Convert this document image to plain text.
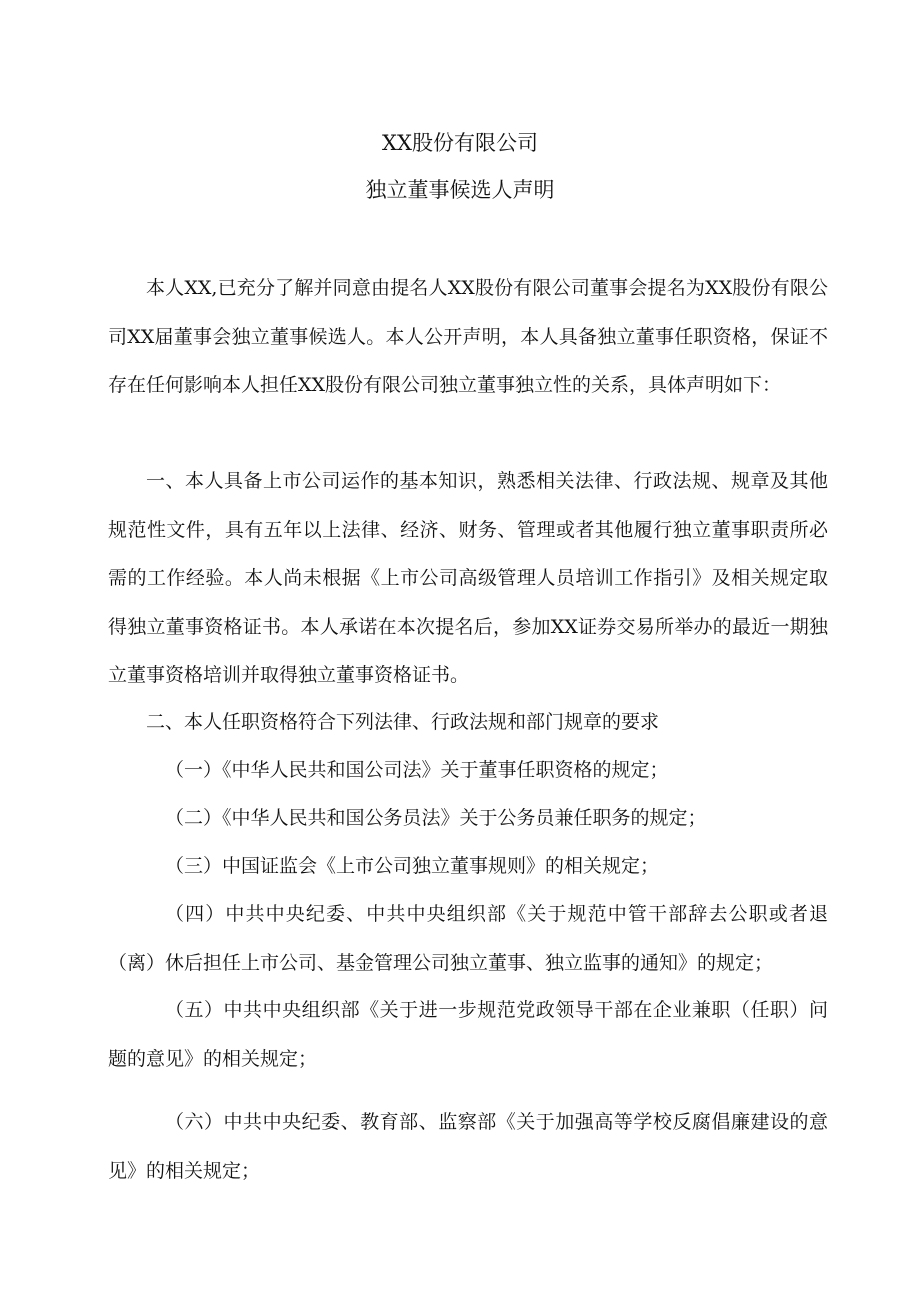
XX股份有限公司
独立董事候选人声明

本人XX,已充分了解并同意由提名人XX股份有限公司董事会提名为XX股份有限公司XX届董事会独立董事候选人。本人公开声明，本人具备独立董事任职资格，保证不存在任何影响本人担任XX股份有限公司独立董事独立性的关系，具体声明如下：

一、本人具备上市公司运作的基本知识，熟悉相关法律、行政法规、规章及其他规范性文件，具有五年以上法律、经济、财务、管理或者其他履行独立董事职责所必需的工作经验。本人尚未根据《上市公司高级管理人员培训工作指引》及相关规定取得独立董事资格证书。本人承诺在本次提名后，参加XX证券交易所举办的最近一期独立董事资格培训并取得独立董事资格证书。

二、本人任职资格符合下列法律、行政法规和部门规章的要求

（一）《中华人民共和国公司法》关于董事任职资格的规定；

（二）《中华人民共和国公务员法》关于公务员兼任职务的规定；

（三）中国证监会《上市公司独立董事规则》的相关规定；

（四）中共中央纪委、中共中央组织部《关于规范中管干部辞去公职或者退（离）休后担任上市公司、基金管理公司独立董事、独立监事的通知》的规定；

（五）中共中央组织部《关于进一步规范党政领导干部在企业兼职（任职）问题的意见》的相关规定；

（六）中共中央纪委、教育部、监察部《关于加强高等学校反腐倡廉建设的意见》的相关规定；
